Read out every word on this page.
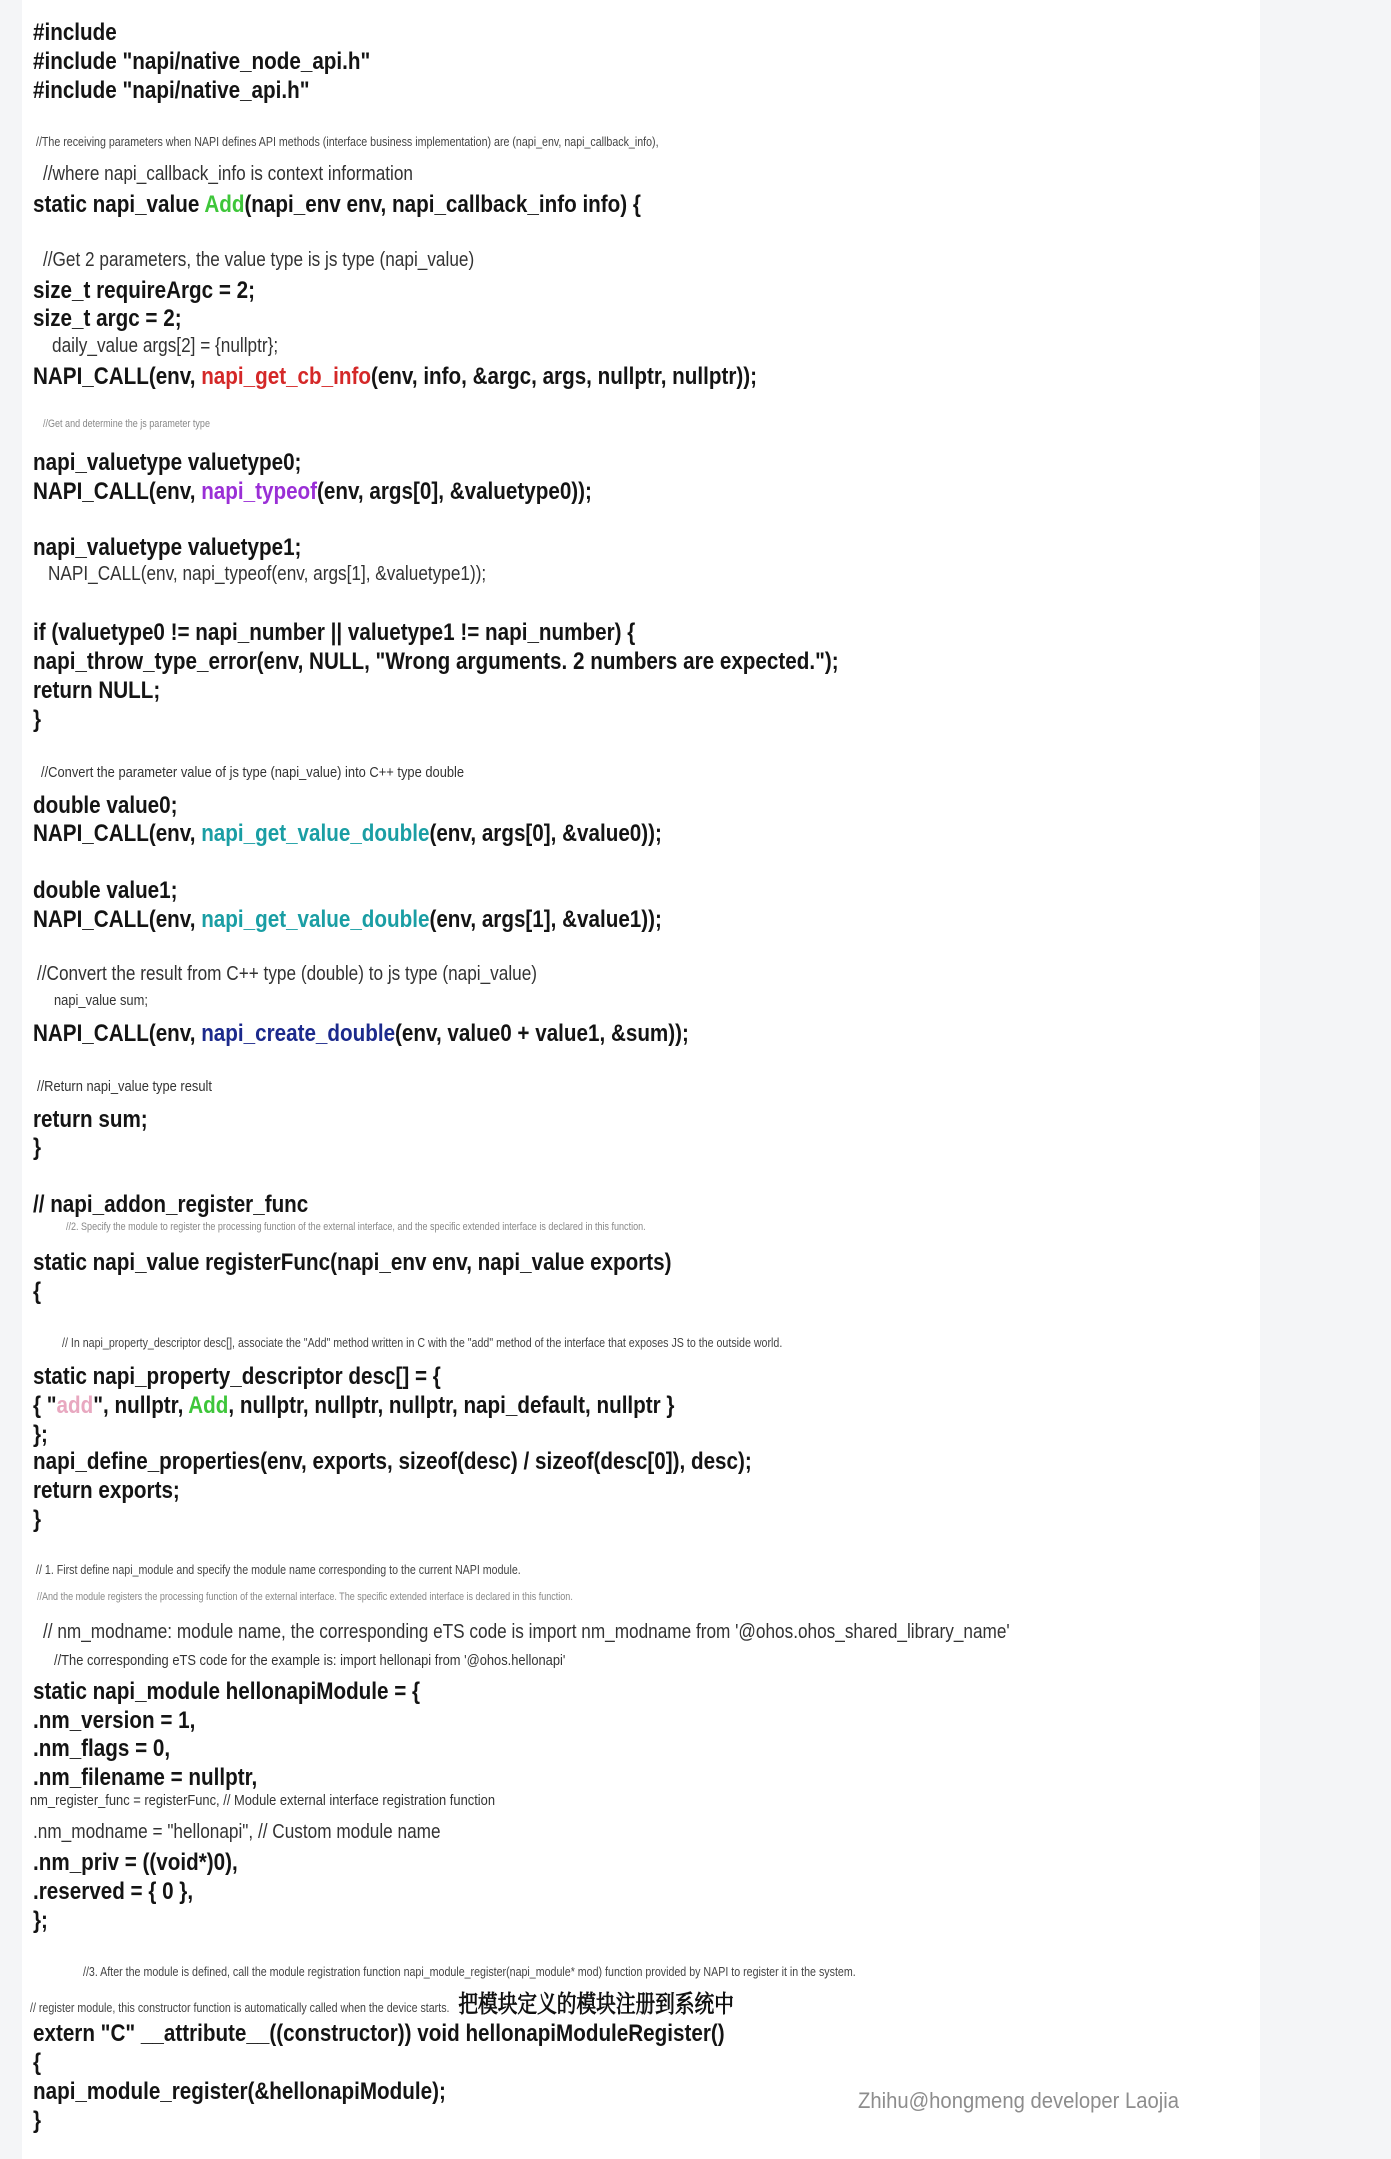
#include
#include "napi/native_node_api.h"
#include "napi/native_api.h"
//The receiving parameters when NAPI defines API methods (interface business implementation) are (napi_env, napi_callback_info),
//where napi_callback_info is context information
static napi_value Add(napi_env env, napi_callback_info info) {
//Get 2 parameters, the value type is js type (napi_value)
size_t requireArgc = 2;
size_t argc = 2;
daily_value args[2] = {nullptr};
NAPI_CALL(env, napi_get_cb_info(env, info, &argc, args, nullptr, nullptr));
//Get and determine the js parameter type
napi_valuetype valuetype0;
NAPI_CALL(env, napi_typeof(env, args[0], &valuetype0));
napi_valuetype valuetype1;
NAPI_CALL(env, napi_typeof(env, args[1], &valuetype1));
if (valuetype0 != napi_number || valuetype1 != napi_number) {
napi_throw_type_error(env, NULL, "Wrong arguments. 2 numbers are expected.");
return NULL;
}
//Convert the parameter value of js type (napi_value) into C++ type double
double value0;
NAPI_CALL(env, napi_get_value_double(env, args[0], &value0));
double value1;
NAPI_CALL(env, napi_get_value_double(env, args[1], &value1));
//Convert the result from C++ type (double) to js type (napi_value)
napi_value sum;
NAPI_CALL(env, napi_create_double(env, value0 + value1, &sum));
//Return napi_value type result
return sum;
}
// napi_addon_register_func
//2. Specify the module to register the processing function of the external interface, and the specific extended interface is declared in this function.
static napi_value registerFunc(napi_env env, napi_value exports)
{
// In napi_property_descriptor desc[], associate the "Add" method written in C with the "add" method of the interface that exposes JS to the outside world.
static napi_property_descriptor desc[] = {
{ "add", nullptr, Add, nullptr, nullptr, nullptr, napi_default, nullptr }
};
napi_define_properties(env, exports, sizeof(desc) / sizeof(desc[0]), desc);
return exports;
}
// 1. First define napi_module and specify the module name corresponding to the current NAPI module.
//And the module registers the processing function of the external interface. The specific extended interface is declared in this function.
// nm_modname: module name, the corresponding eTS code is import nm_modname from '@ohos.ohos_shared_library_name'
//The corresponding eTS code for the example is: import hellonapi from '@ohos.hellonapi'
static napi_module hellonapiModule = {
.nm_version = 1,
.nm_flags = 0,
.nm_filename = nullptr,
nm_register_func = registerFunc, // Module external interface registration function
.nm_modname = "hellonapi", // Custom module name
.nm_priv = ((void*)0),
.reserved = { 0 },
};
//3. After the module is defined, call the module registration function napi_module_register(napi_module* mod) function provided by NAPI to register it in the system.
// register module, this constructor function is automatically called when the device starts.   把模块定义的模块注册到系统中
extern "C" __attribute__((constructor)) void hellonapiModuleRegister()
{
napi_module_register(&hellonapiModule);
}
Zhihu@hongmeng developer Laojia
